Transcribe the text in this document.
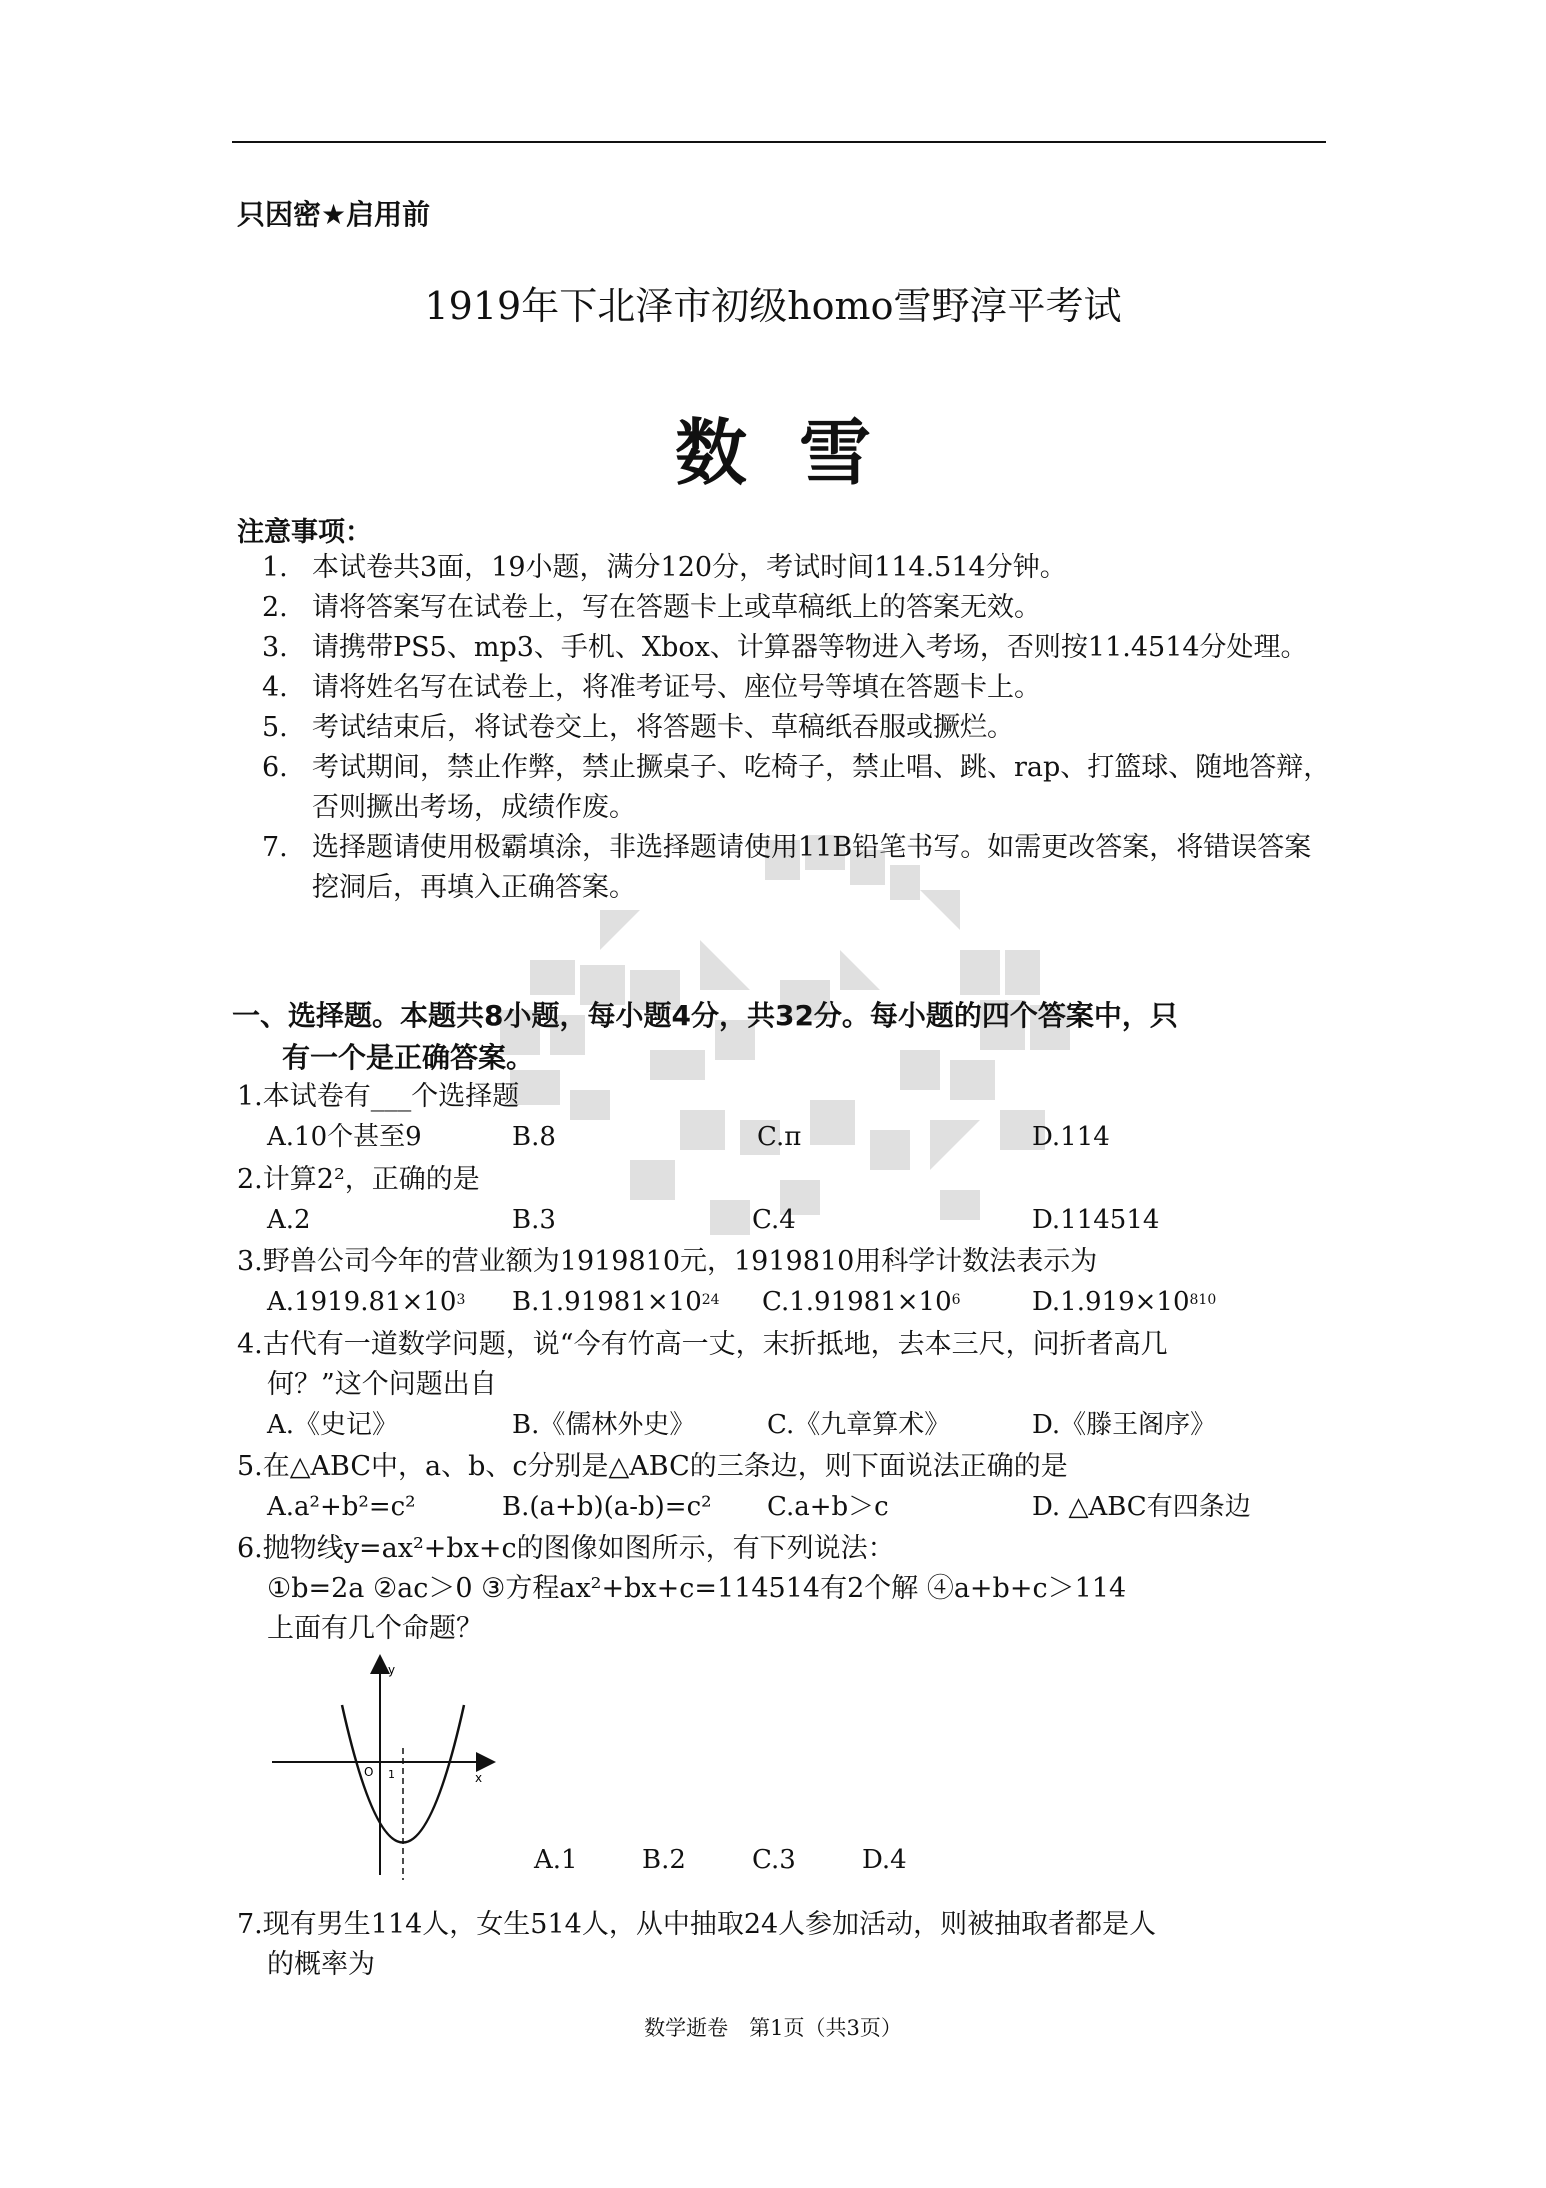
只因密★启用前
1919年下北泽市初级homo雪野淳平考试
数雪
注意事项：
1. 本试卷共3面，19小题，满分120分，考试时间114.514分钟。
2. 请将答案写在试卷上，写在答题卡上或草稿纸上的答案无效。
3. 请携带PS5、mp3、手机、Xbox、计算器等物进入考场，否则按11.4514分处理。
4. 请将姓名写在试卷上，将准考证号、座位号等填在答题卡上。
5. 考试结束后，将试卷交上，将答题卡、草稿纸吞服或撅烂。
6. 考试期间，禁止作弊，禁止撅桌子、吃椅子，禁止唱、跳、rap、打篮球、随地答辩，否则撅出考场，成绩作废。
7. 选择题请使用极霸填涂，非选择题请使用11B铅笔书写。如需更改答案，将错误答案挖洞后，再填入正确答案。
一、选择题。本题共8小题，每小题4分，共32分。每小题的四个答案中，只
有一个是正确答案。
1.本试卷有___个选择题
A.10个甚至9	B.8	C.π	D.114
2.计算2²，正确的是
A.2	B.3	C.4	D.114514
3.野兽公司今年的营业额为1919810元，1919810用科学计数法表示为
$A.1919.81\times 10^3$ $B.1.91981\times 10^{24}$ $C.1.91981\times 10^6$	$D.1.919\times 10^{810}$
4.古代有一道数学问题，说“今有竹高一丈，末折抵地，去本三尺，问折者高几
何？”这个问题出自
A.《史记》	B.《儒林外史》	C.《九章算术》	D.《滕王阁序》
5.在△ABC中，a、b、c分别是△ABC的三条边，则下面说法正确的是
A.a²+b²=c²	B.(a+b)(a-b)=c² C.a+b＞c	D. △ABC有四条边
6.抛物线y=ax²+bx+c的图像如图所示，有下列说法：
①b=2a ②ac＞0 ③方程ax²+bx+c=114514有2个解 ④a+b+c＞114
上面有几个命题？
y
x
O 1
A.1 B.2	C.3	D.4
7.现有男生114人，女生514人，从中抽取24人参加活动，则被抽取者都是人
的概率为
数学逝卷　第1页（共3页）
